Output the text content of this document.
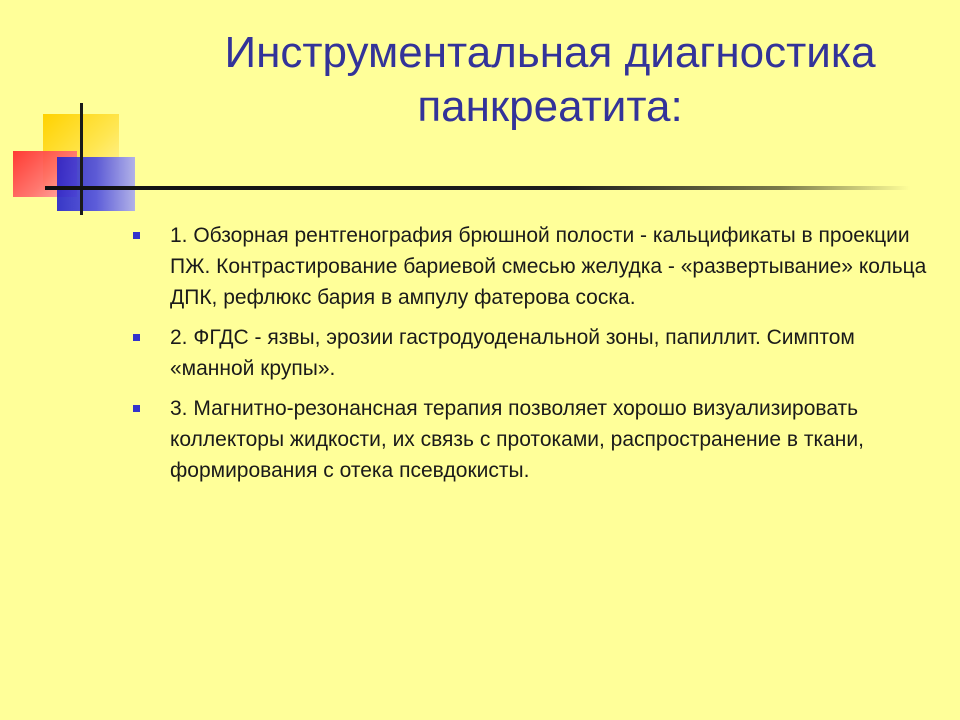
Инструментальная диагностика панкреатита:
1. Обзорная рентгенография брюшной полости - кальцификаты в проекции ПЖ. Контрастирование бариевой смесью желудка - «развертывание» кольца ДПК, рефлюкс бария в ампулу фатерова соска.
2. ФГДС - язвы, эрозии гастродуоденальной зоны, папиллит. Симптом «манной крупы».
3. Магнитно-резонансная терапия позволяет хорошо визуализировать коллекторы жидкости, их связь с протоками, распространение в ткани, формирования с отека псевдокисты.
